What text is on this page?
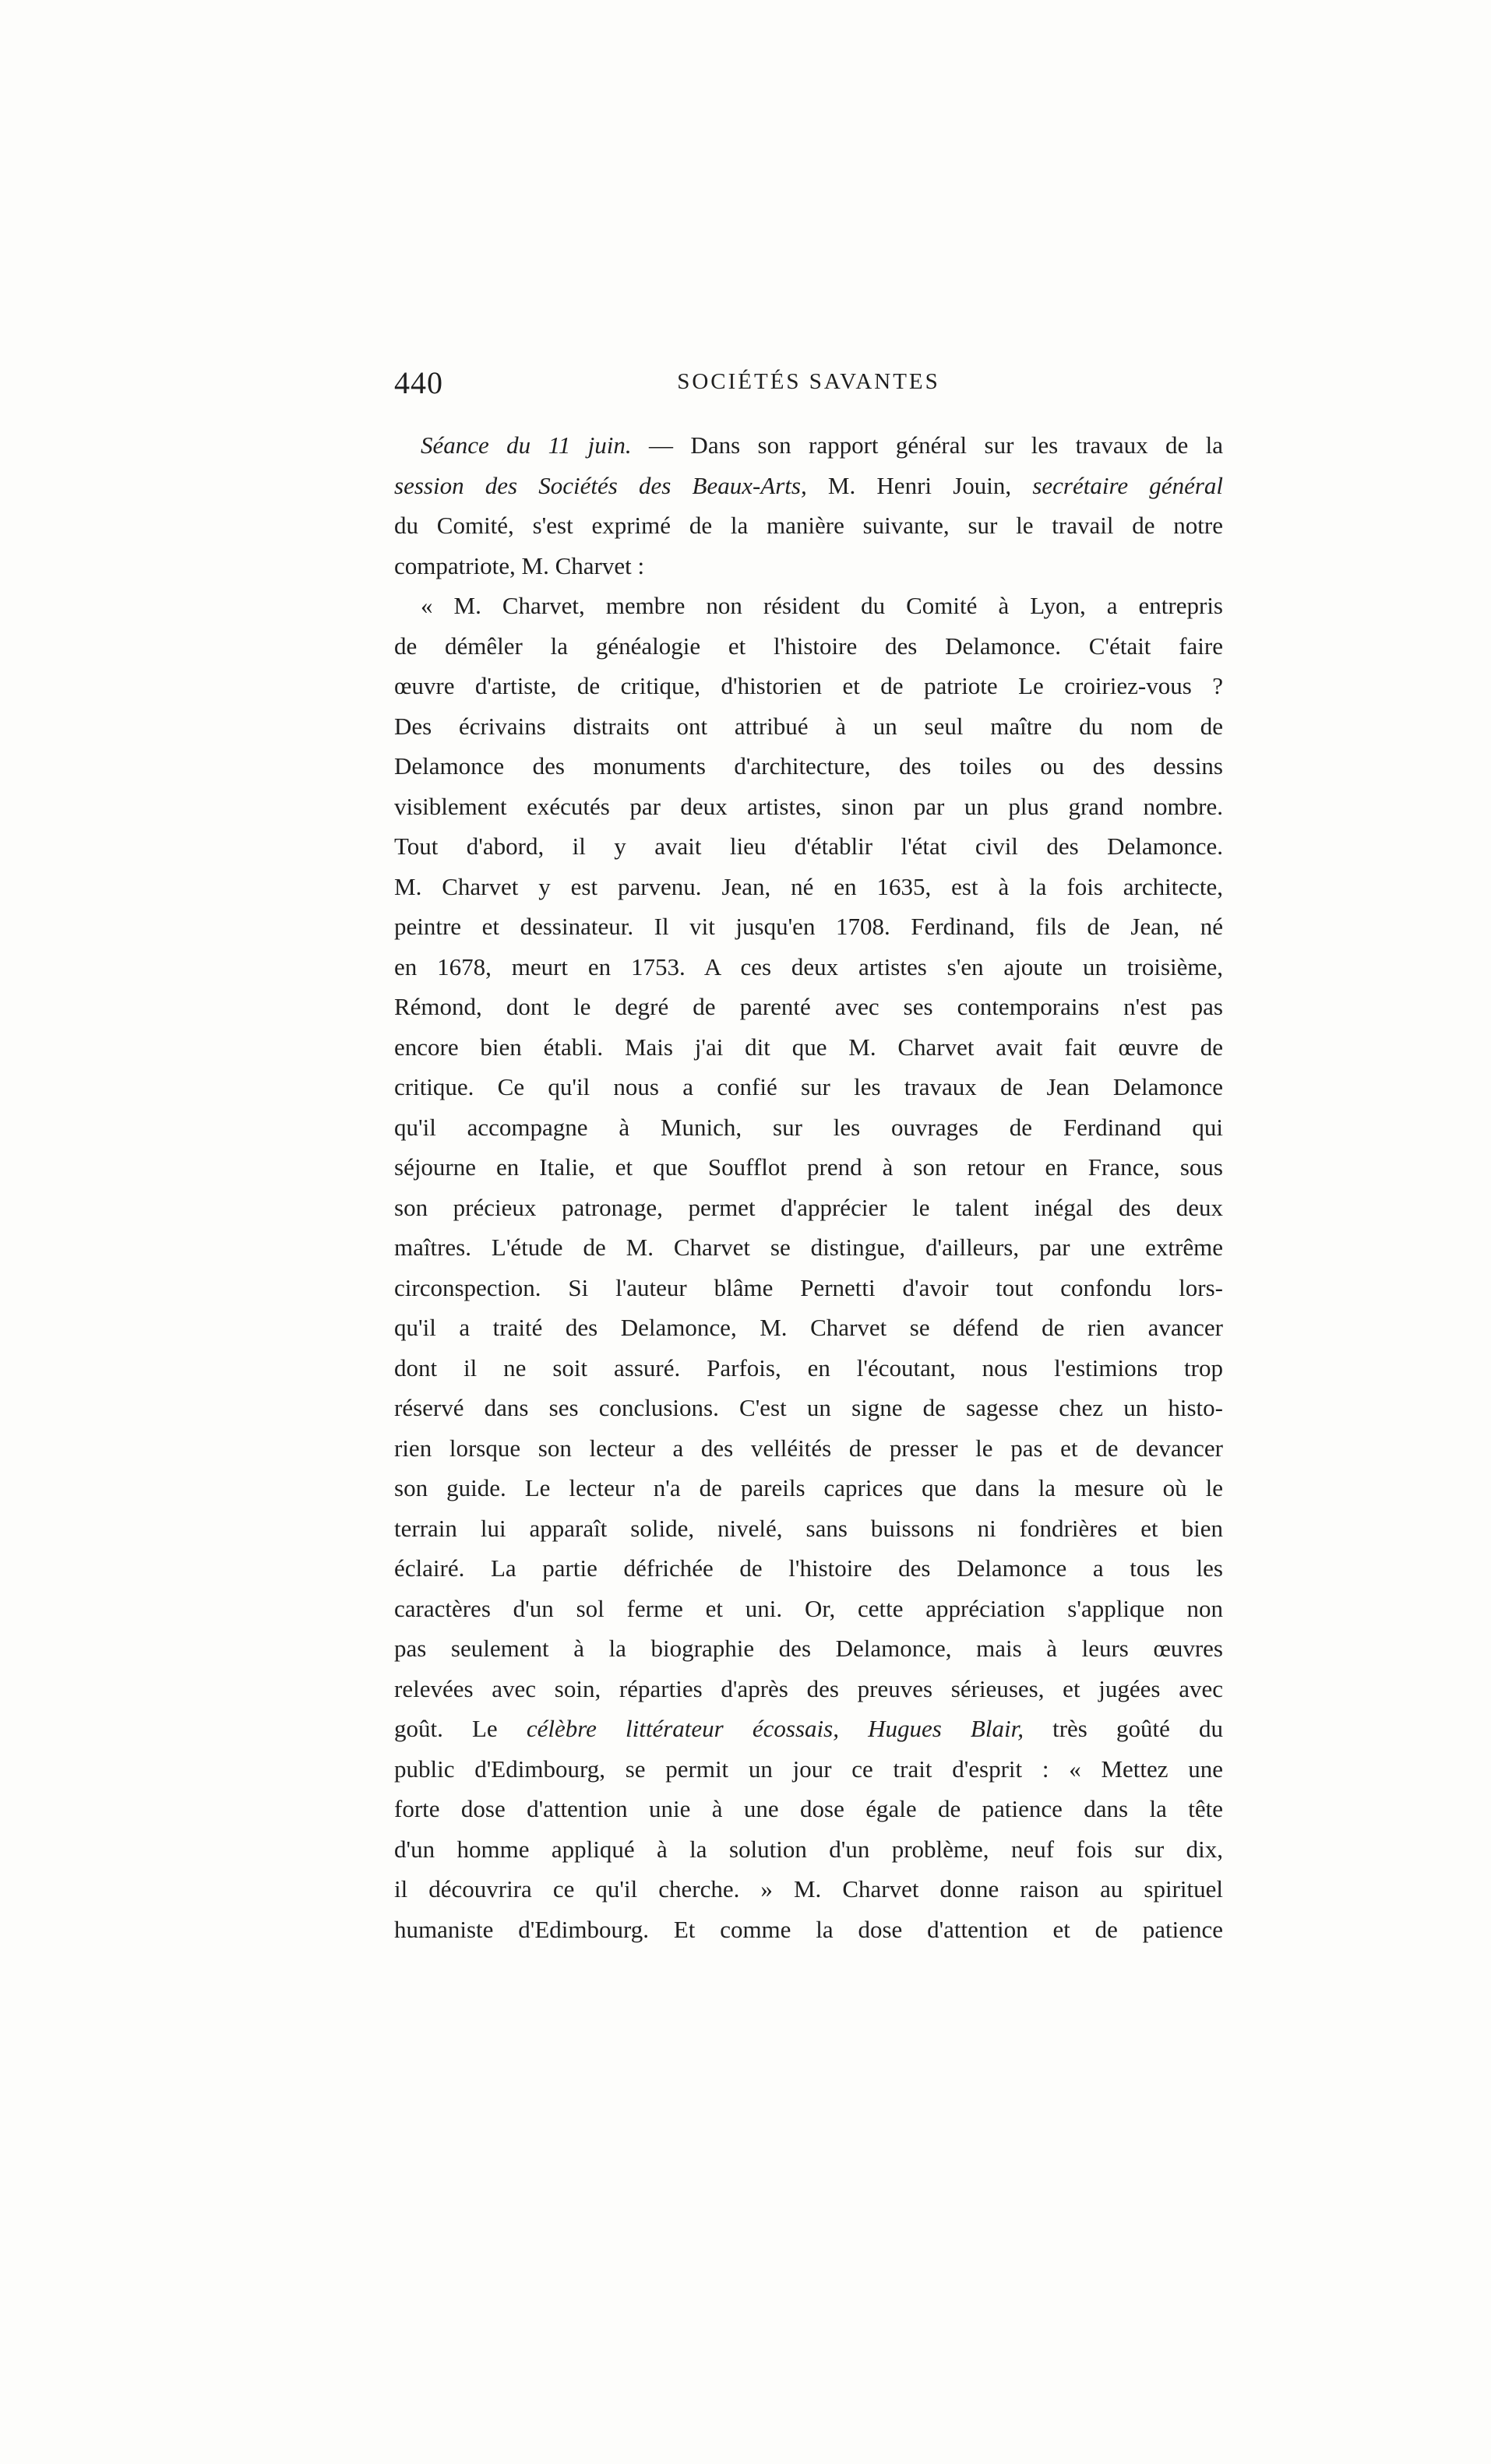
440	SOCIÉTÉS SAVANTES
Séance du 11 juin. — Dans son rapport général sur les travaux de la
session des Sociétés des Beaux-Arts, M. Henri Jouin, secrétaire général
du Comité, s'est exprimé de la manière suivante, sur le travail de notre
compatriote, M. Charvet :
« M. Charvet, membre non résident du Comité à Lyon, a entrepris
de démêler la généalogie et l'histoire des Delamonce. C'était faire
œuvre d'artiste, de critique, d'historien et de patriote Le croiriez-vous ?
Des écrivains distraits ont attribué à un seul maître du nom de
Delamonce des monuments d'architecture, des toiles ou des dessins
visiblement exécutés par deux artistes, sinon par un plus grand nombre.
Tout d'abord, il y avait lieu d'établir l'état civil des Delamonce.
M. Charvet y est parvenu. Jean, né en 1635, est à la fois architecte,
peintre et dessinateur. Il vit jusqu'en 1708. Ferdinand, fils de Jean, né
en 1678, meurt en 1753. A ces deux artistes s'en ajoute un troisième,
Rémond, dont le degré de parenté avec ses contemporains n'est pas
encore bien établi. Mais j'ai dit que M. Charvet avait fait œuvre de
critique. Ce qu'il nous a confié sur les travaux de Jean Delamonce
qu'il accompagne à Munich, sur les ouvrages de Ferdinand qui
séjourne en Italie, et que Soufflot prend à son retour en France, sous
son précieux patronage, permet d'apprécier le talent inégal des deux
maîtres. L'étude de M. Charvet se distingue, d'ailleurs, par une extrême
circonspection. Si l'auteur blâme Pernetti d'avoir tout confondu lors-
qu'il a traité des Delamonce, M. Charvet se défend de rien avancer
dont il ne soit assuré. Parfois, en l'écoutant, nous l'estimions trop
réservé dans ses conclusions. C'est un signe de sagesse chez un histo-
rien lorsque son lecteur a des velléités de presser le pas et de devancer
son guide. Le lecteur n'a de pareils caprices que dans la mesure où le
terrain lui apparaît solide, nivelé, sans buissons ni fondrières et bien
éclairé. La partie défrichée de l'histoire des Delamonce a tous les
caractères d'un sol ferme et uni. Or, cette appréciation s'applique non
pas seulement à la biographie des Delamonce, mais à leurs œuvres
relevées avec soin, réparties d'après des preuves sérieuses, et jugées avec
goût. Le célèbre littérateur écossais, Hugues Blair, très goûté du
public d'Edimbourg, se permit un jour ce trait d'esprit : « Mettez une
forte dose d'attention unie à une dose égale de patience dans la tête
d'un homme appliqué à la solution d'un problème, neuf fois sur dix,
il découvrira ce qu'il cherche. » M. Charvet donne raison au spirituel
humaniste d'Edimbourg. Et comme la dose d'attention et de patience
